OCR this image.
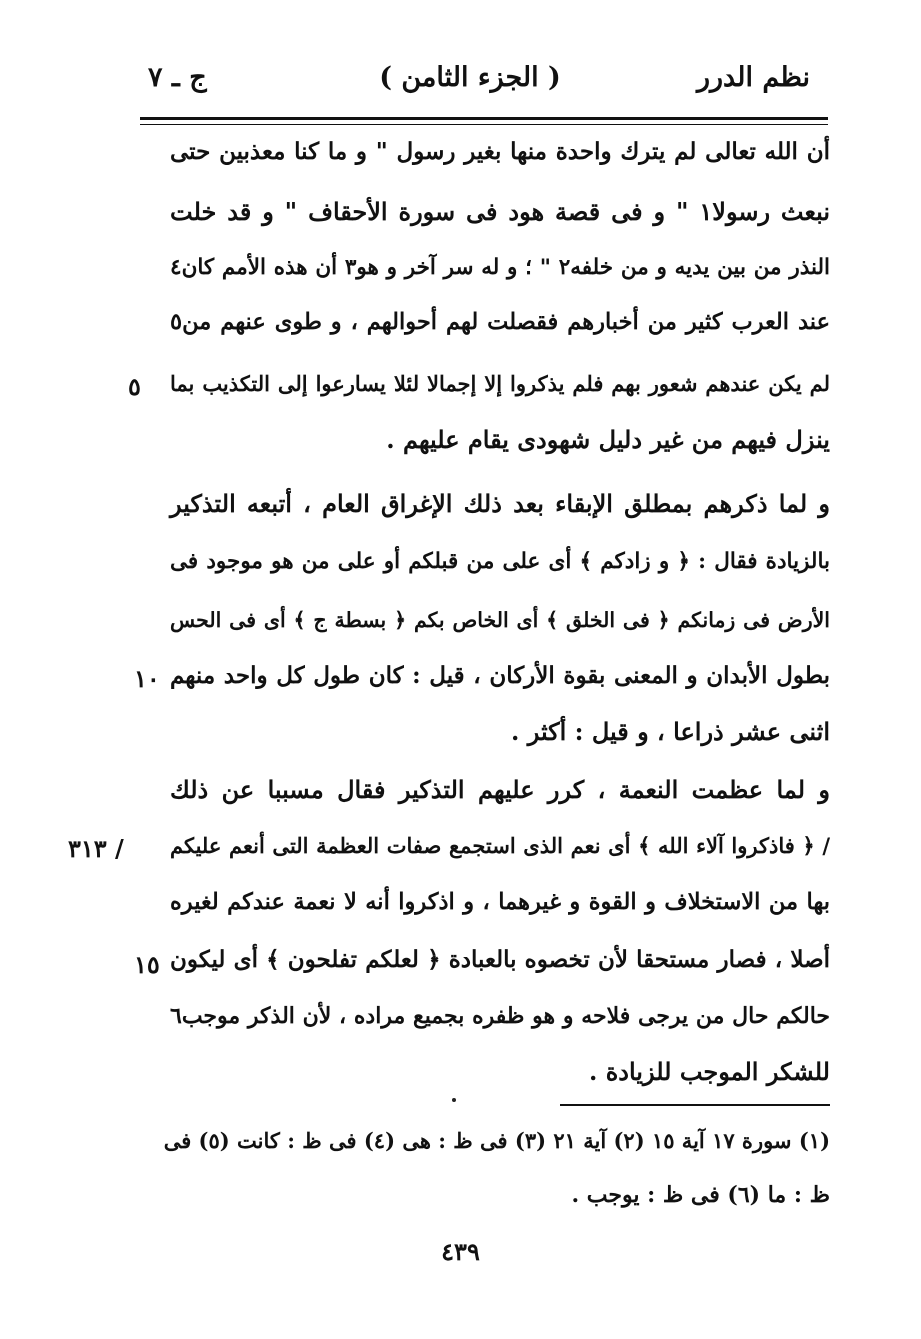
نظم الدرر
( الجزء الثامن )
ج ـ ٧
أن الله تعالى لم يترك واحدة منها بغير رسول " و ما كنا معذبين حتى
نبعث رسولا١ " و فى قصة هود فى سورة الأحقاف " و قد خلت
النذر من بين يديه و من خلفه٢ " ؛ و له سر آخر و هو٣ أن هذه الأمم كان٤
عند العرب كثير من أخبارهم فقصلت لهم أحوالهم ، و طوى عنهم من٥
لم يكن عندهم شعور بهم فلم يذكروا إلا إجمالا لئلا يسارعوا إلى التكذيب بما
ينزل فيهم من غير دليل شهودى يقام عليهم .
و لما ذكرهم بمطلق الإبقاء بعد ذلك الإغراق العام ، أتبعه التذكير
بالزيادة فقال : ﴿ و زادكم ﴾ أى على من قبلكم أو على من هو موجود فى
الأرض فى زمانكم ﴿ فى الخلق ﴾ أى الخاص بكم ﴿ بسطة ج ﴾ أى فى الحس
بطول الأبدان و المعنى بقوة الأركان ، قيل : كان طول كل واحد منهم
اثنى عشر ذراعا ، و قيل : أكثر .
و لما عظمت النعمة ، كرر عليهم التذكير فقال مسببا عن ذلك
/ ﴿ فاذكروا آلاء الله ﴾ أى نعم الذى استجمع صفات العظمة التى أنعم عليكم
بها من الاستخلاف و القوة و غيرهما ، و اذكروا أنه لا نعمة عندكم لغيره
أصلا ، فصار مستحقا لأن تخصوه بالعبادة ﴿ لعلكم تفلحون ﴾ أى ليكون
حالكم حال من يرجى فلاحه و هو ظفره بجميع مراده ، لأن الذكر موجب٦
للشكر الموجب للزيادة .
٥
١٠
/ ٣١٣
١٥
(١) سورة ١٧ آية ١٥ (٢) آية ٢١ (٣) فى ظ : هى (٤) فى ظ : كانت (٥) فى
ظ : ما (٦) فى ظ : يوجب .
٤٣٩
